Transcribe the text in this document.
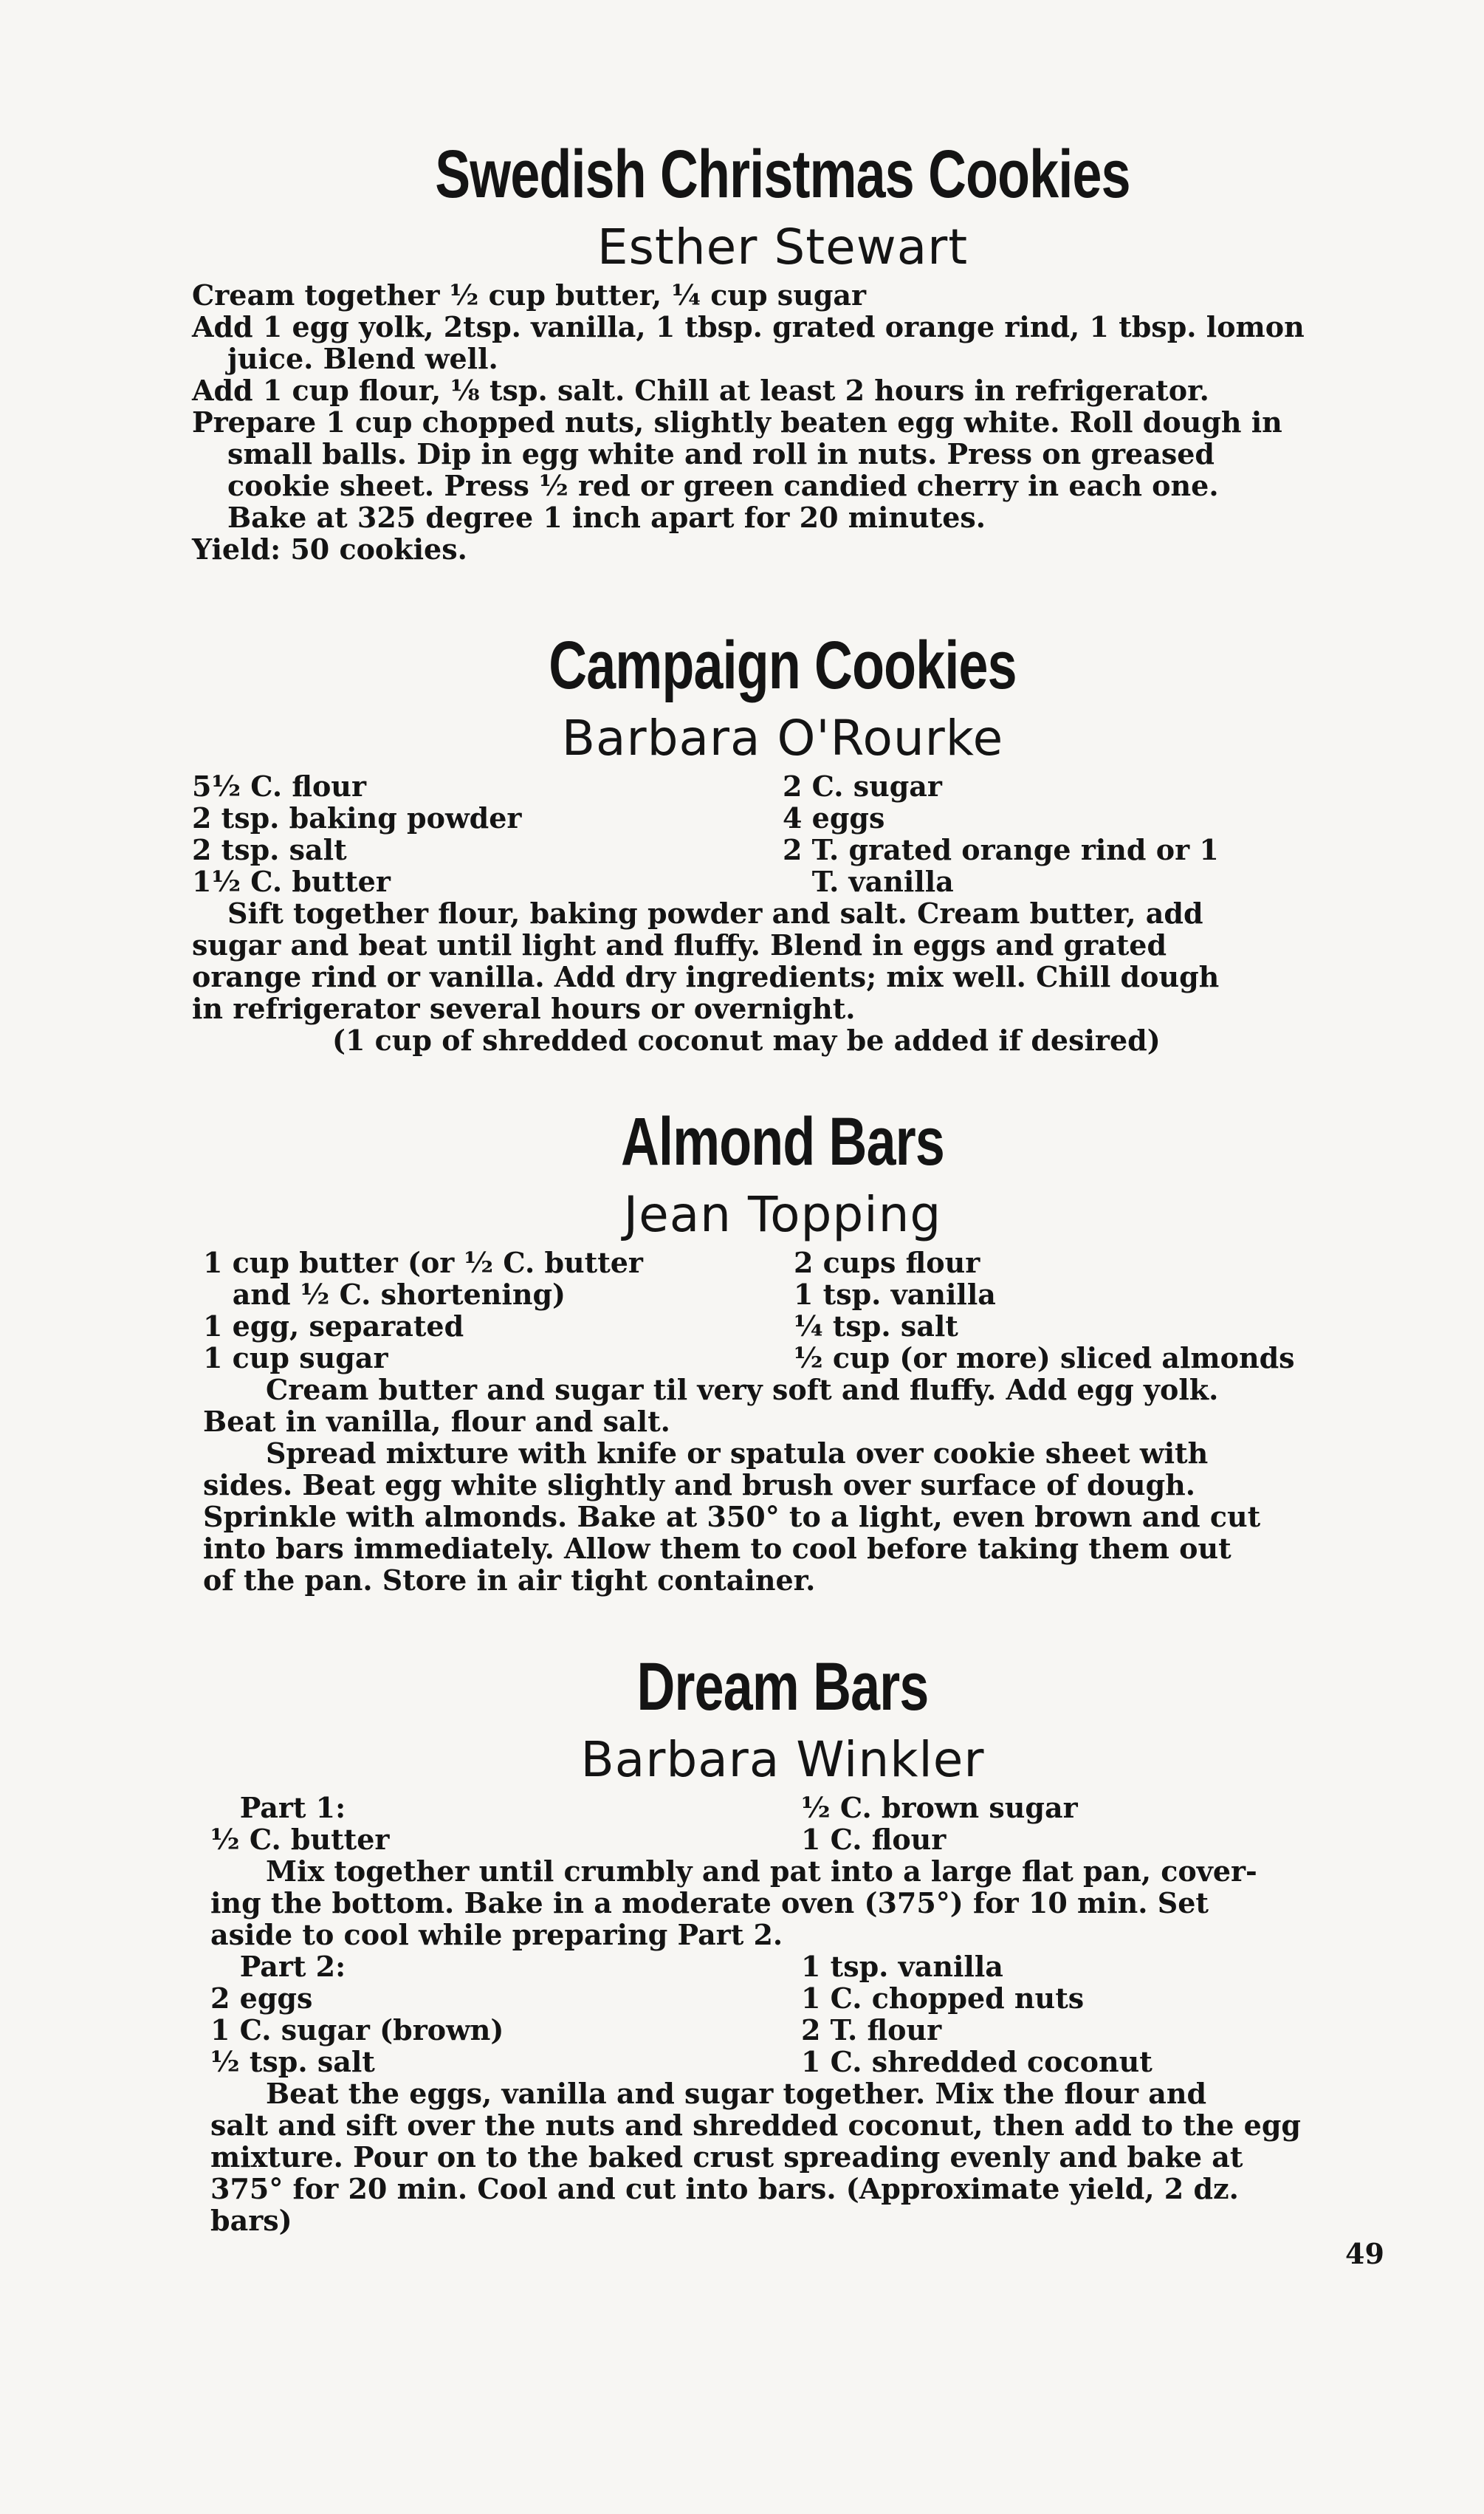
Swedish Christmas Cookies
Esther Stewart
Cream together ½ cup butter, ¼ cup sugar
Add 1 egg yolk, 2tsp. vanilla, 1 tbsp. grated orange rind, 1 tbsp. lomon
juice. Blend well.
Add 1 cup flour, ⅛ tsp. salt. Chill at least 2 hours in refrigerator.
Prepare 1 cup chopped nuts, slightly beaten egg white. Roll dough in
small balls. Dip in egg white and roll in nuts. Press on greased
cookie sheet. Press ½ red or green candied cherry in each one.
Bake at 325 degree 1 inch apart for 20 minutes.
Yield: 50 cookies.
Campaign Cookies
Barbara O'Rourke
5½ C. flour	2 C. sugar
2 tsp. baking powder	4 eggs
2 tsp. salt	2 T. grated orange rind or 1
1½ C. butter	T. vanilla
Sift together flour, baking powder and salt. Cream butter, add
sugar and beat until light and fluffy. Blend in eggs and grated
orange rind or vanilla. Add dry ingredients; mix well. Chill dough
in refrigerator several hours or overnight.
(1 cup of shredded coconut may be added if desired)
Almond Bars
Jean Topping
1 cup butter (or ½ C. butter	2 cups flour
and ½ C. shortening)	1 tsp. vanilla
1 egg, separated	¼ tsp. salt
1 cup sugar	½ cup (or more) sliced almonds
Cream butter and sugar til very soft and fluffy. Add egg yolk.
Beat in vanilla, flour and salt.
Spread mixture with knife or spatula over cookie sheet with
sides. Beat egg white slightly and brush over surface of dough.
Sprinkle with almonds. Bake at 350° to a light, even brown and cut
into bars immediately. Allow them to cool before taking them out
of the pan. Store in air tight container.
Dream Bars
Barbara Winkler
Part 1:	½ C. brown sugar
½ C. butter	1 C. flour
Mix together until crumbly and pat into a large flat pan, cover-
ing the bottom. Bake in a moderate oven (375°) for 10 min. Set
aside to cool while preparing Part 2.
Part 2:	1 tsp. vanilla
2 eggs	1 C. chopped nuts
1 C. sugar (brown)	2 T. flour
½ tsp. salt	1 C. shredded coconut
Beat the eggs, vanilla and sugar together. Mix the flour and
salt and sift over the nuts and shredded coconut, then add to the egg
mixture. Pour on to the baked crust spreading evenly and bake at
375° for 20 min. Cool and cut into bars. (Approximate yield, 2 dz.
bars)
49
